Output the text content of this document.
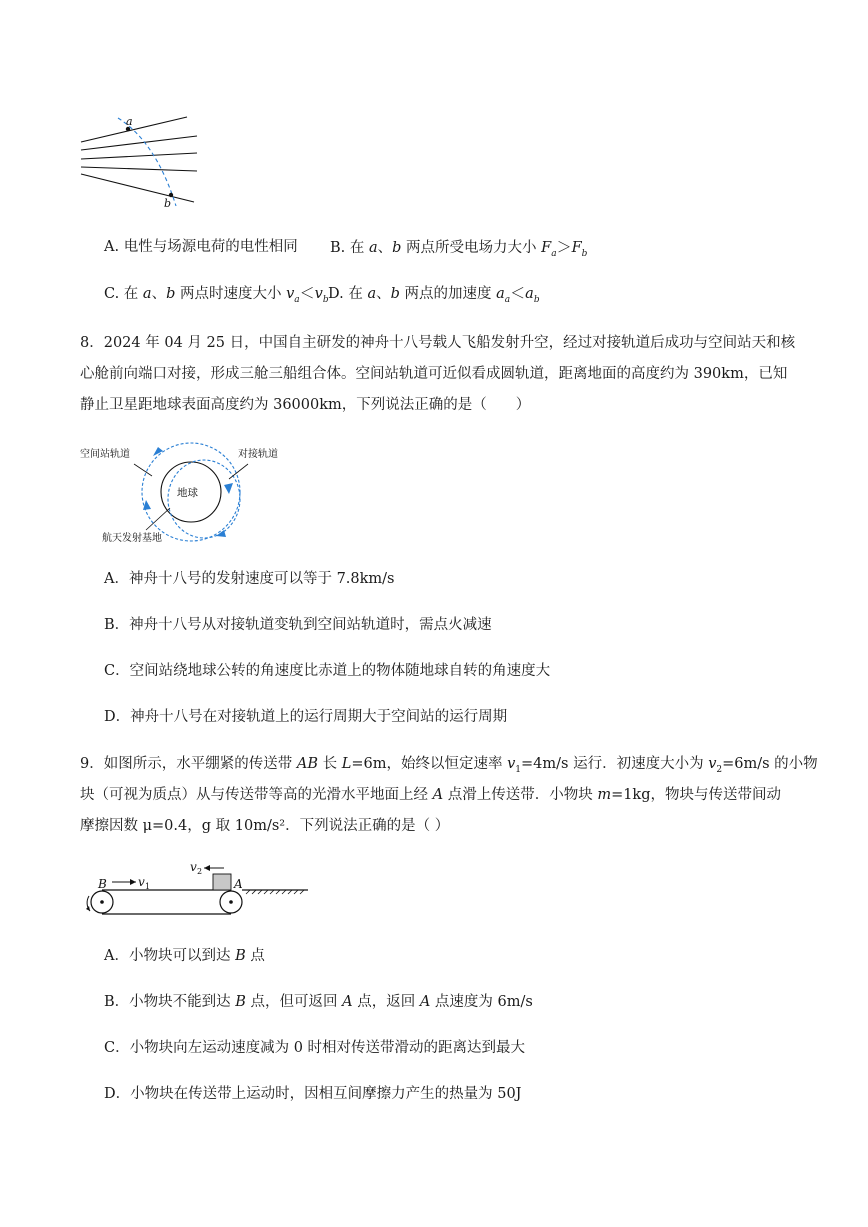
a
b
A. 电性与场源电荷的电性相同 B. 在 a、b 两点所受电场力大小 $F_a>F_b$
C. 在 a、b 两点时速度大小 $v_a<v_b$ D. 在 a、b 两点的加速度 $a_a<a_b$
8．2024 年 04 月 25 日，中国自主研发的神舟十八号载人飞船发射升空，经过对接轨道后成功与空间站天和核心舱前向端口对接，形成三舱三船组合体。空间站轨道可近似看成圆轨道，距离地面的高度约为 390km，已知静止卫星距地球表面高度约为 36000km，下列说法正确的是（　　）
空间站轨道	对接轨道
地球
航天发射基地
A．神舟十八号的发射速度可以等于 7.8km/s
B．神舟十八号从对接轨道变轨到空间站轨道时，需点火减速
C．空间站绕地球公转的角速度比赤道上的物体随地球自转的角速度大
D．神舟十八号在对接轨道上的运行周期大于空间站的运行周期
9．如图所示，水平绷紧的传送带 AB 长 L=6m，始终以恒定速率 $v_1=4m/s$ 运行．初速度大小为 $v_2=6m/s$ 的小物
块（可视为质点）从与传送带等高的光滑水平地面上经 A 点滑上传送带．小物块 m=1kg，物块与传送带间动
摩擦因数 μ=0.4，g 取 10m/s²．下列说法正确的是（ ）
B	A
v 1
v 2
A．小物块可以到达 B 点
B．小物块不能到达 B 点，但可返回 A 点，返回 A 点速度为 6m/s
C．小物块向左运动速度减为 0 时相对传送带滑动的距离达到最大
D．小物块在传送带上运动时，因相互间摩擦力产生的热量为 50J
